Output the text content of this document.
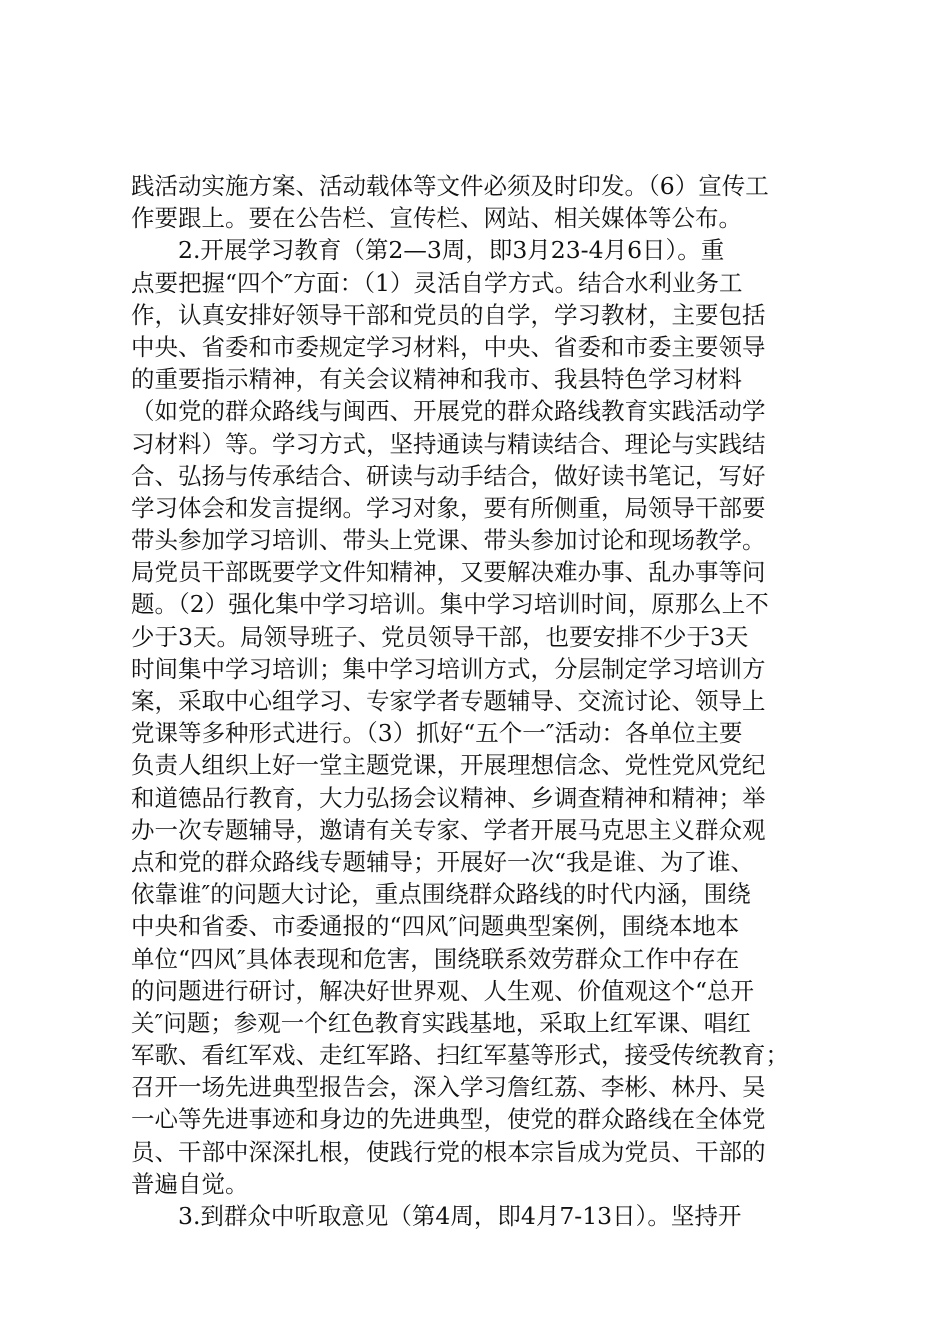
践活动实施方案、活动载体等文件必须及时印发。（6）宣传工
作要跟上。要在公告栏、宣传栏、网站、相关媒体等公布。
2.开展学习教育（第2—3周，即3月23-4月6日）。重
点要把握“四个″方面：（1）灵活自学方式。结合水利业务工
作，认真安排好领导干部和党员的自学，学习教材，主要包括
中央、省委和市委规定学习材料，中央、省委和市委主要领导
的重要指示精神，有关会议精神和我市、我县特色学习材料
（如党的群众路线与闽西、开展党的群众路线教育实践活动学
习材料）等。学习方式，坚持通读与精读结合、理论与实践结
合、弘扬与传承结合、研读与动手结合，做好读书笔记，写好
学习体会和发言提纲。学习对象，要有所侧重，局领导干部要
带头参加学习培训、带头上党课、带头参加讨论和现场教学。
局党员干部既要学文件知精神，又要解决难办事、乱办事等问
题。（2）强化集中学习培训。集中学习培训时间，原那么上不
少于3天。局领导班子、党员领导干部，也要安排不少于3天
时间集中学习培训；集中学习培训方式，分层制定学习培训方
案，采取中心组学习、专家学者专题辅导、交流讨论、领导上
党课等多种形式进行。（3）抓好“五个一″活动：各单位主要
负责人组织上好一堂主题党课，开展理想信念、党性党风党纪
和道德品行教育，大力弘扬会议精神、乡调查精神和精神；举
办一次专题辅导，邀请有关专家、学者开展马克思主义群众观
点和党的群众路线专题辅导；开展好一次“我是谁、为了谁、
依靠谁″的问题大讨论，重点围绕群众路线的时代内涵，围绕
中央和省委、市委通报的“四风″问题典型案例，围绕本地本
单位“四风″具体表现和危害，围绕联系效劳群众工作中存在
的问题进行研讨，解决好世界观、人生观、价值观这个“总开
关″问题；参观一个红色教育实践基地，采取上红军课、唱红
军歌、看红军戏、走红军路、扫红军墓等形式，接受传统教育；
召开一场先进典型报告会，深入学习詹红荔、李彬、林丹、吴
一心等先进事迹和身边的先进典型，使党的群众路线在全体党
员、干部中深深扎根，使践行党的根本宗旨成为党员、干部的
普遍自觉。
3.到群众中听取意见（第4周，即4月7-13日）。坚持开
